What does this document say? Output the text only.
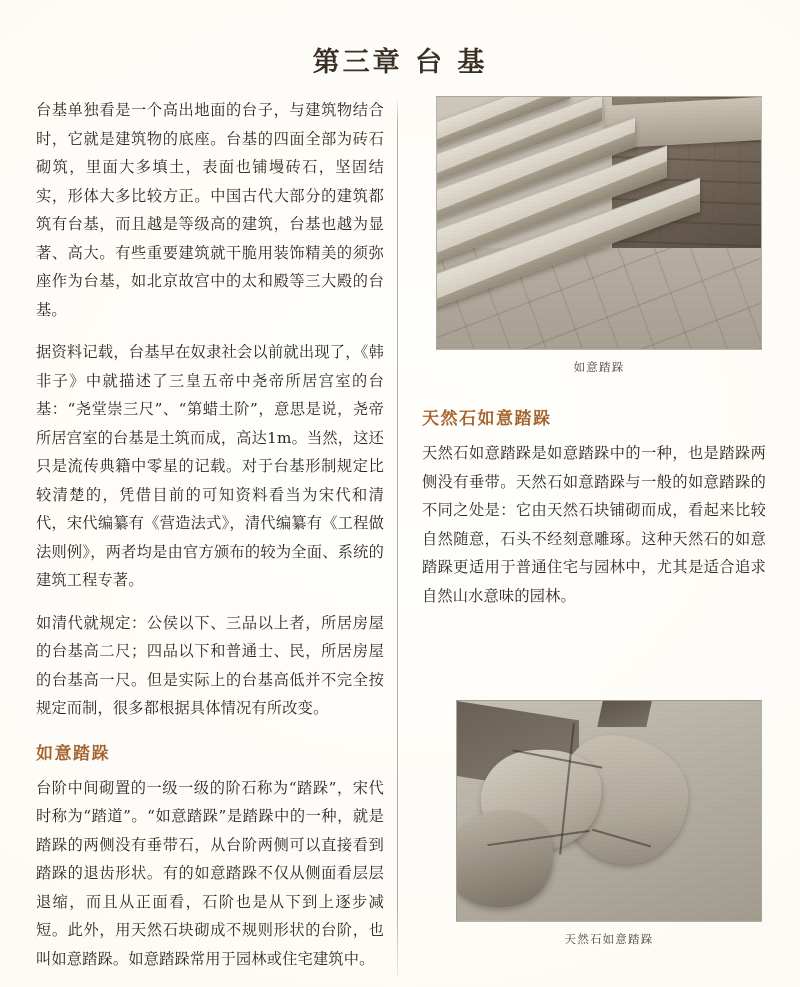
第三章 台 基

台基单独看是一个高出地面的台子，与建筑物结合时，它就是建筑物的底座。台基的四面全部为砖石砌筑，里面大多填土，表面也铺墁砖石，坚固结实，形体大多比较方正。中国古代大部分的建筑都筑有台基，而且越是等级高的建筑，台基也越为显著、高大。有些重要建筑就干脆用装饰精美的须弥座作为台基，如北京故宫中的太和殿等三大殿的台基。

据资料记载，台基早在奴隶社会以前就出现了，《韩非子》中就描述了三皇五帝中尧帝所居宫室的台基：“尧堂崇三尺”、“第蜡土阶”，意思是说，尧帝所居宫室的台基是土筑而成，高达1m。当然，这还只是流传典籍中零星的记载。对于台基形制规定比较清楚的，凭借目前的可知资料看当为宋代和清代，宋代编纂有《营造法式》，清代编纂有《工程做法则例》，两者均是由官方颁布的较为全面、系统的建筑工程专著。

如清代就规定：公侯以下、三品以上者，所居房屋的台基高二尺；四品以下和普通士、民，所居房屋的台基高一尺。但是实际上的台基高低并不完全按规定而制，很多都根据具体情况有所改变。

如意踏跺

台阶中间砌置的一级一级的阶石称为“踏跺”，宋代时称为“踏道”。“如意踏跺”是踏跺中的一种，就是踏跺的两侧没有垂带石，从台阶两侧可以直接看到踏跺的退齿形状。有的如意踏跺不仅从侧面看层层退缩，而且从正面看，石阶也是从下到上逐步减短。此外，用天然石块砌成不规则形状的台阶，也叫如意踏跺。如意踏跺常用于园林或住宅建筑中。

天然石如意踏跺

天然石如意踏跺是如意踏跺中的一种，也是踏跺两侧没有垂带。天然石如意踏跺与一般的如意踏跺的不同之处是：它由天然石块铺砌而成，看起来比较自然随意，石头不经刻意雕琢。这种天然石的如意踏跺更适用于普通住宅与园林中，尤其是适合追求自然山水意味的园林。

如意踏跺
天然石如意踏跺
